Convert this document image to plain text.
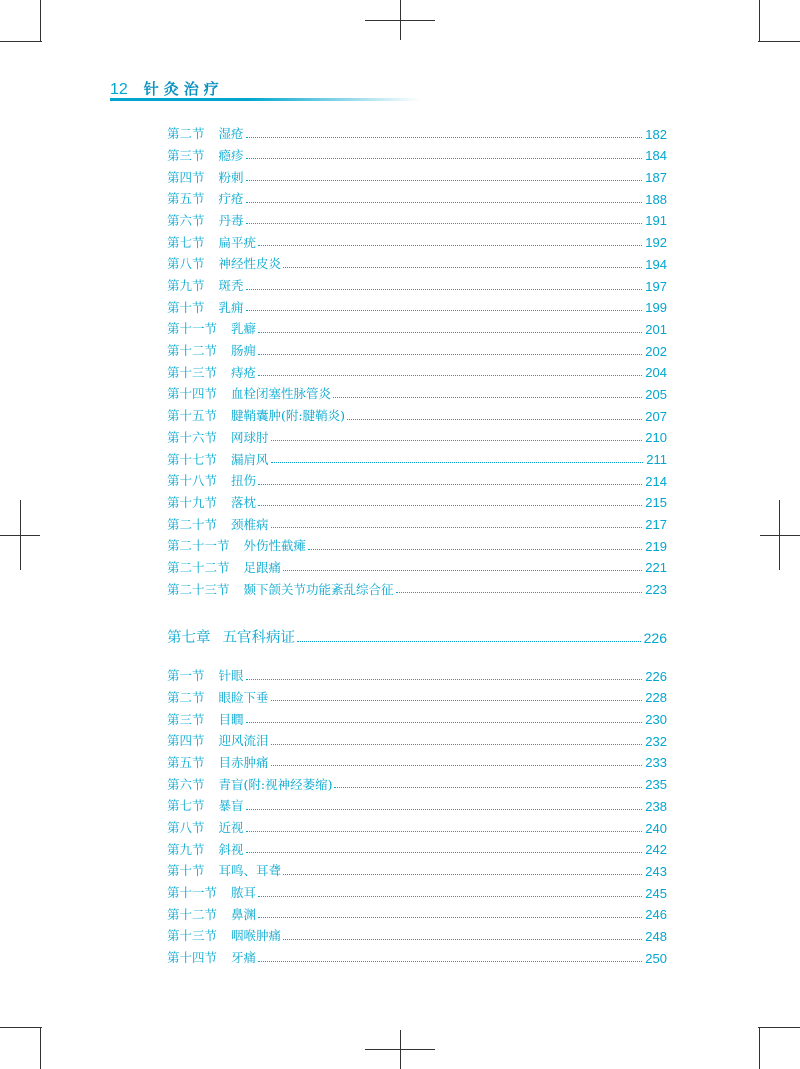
12 针灸治疗
第二节 湿疮	182
第三节 瘾疹	184
第四节 粉刺	187
第五节 疔疮	188
第六节 丹毒	191
第七节 扁平疣	192
第八节 神经性皮炎	194
第九节 斑秃	197
第十节 乳痈	199
第十一节 乳癖	201
第十二节 肠痈	202
第十三节 痔疮	204
第十四节 血栓闭塞性脉管炎	205
第十五节 腱鞘囊肿(附:腱鞘炎)	207
第十六节 网球肘	210
第十七节 漏肩风	211
第十八节 扭伤	214
第十九节 落枕	215
第二十节 颈椎病	217
第二十一节 外伤性截瘫	219
第二十二节 足跟痛	221
第二十三节 颞下颌关节功能紊乱综合征	223
第七章 五官科病证	226
第一节 针眼	226
第二节 眼睑下垂	228
第三节 目瞤	230
第四节 迎风流泪	232
第五节 目赤肿痛	233
第六节 青盲(附:视神经萎缩)	235
第七节 暴盲	238
第八节 近视	240
第九节 斜视	242
第十节 耳鸣、耳聋	243
第十一节 脓耳	245
第十二节 鼻渊	246
第十三节 咽喉肿痛	248
第十四节 牙痛	250
